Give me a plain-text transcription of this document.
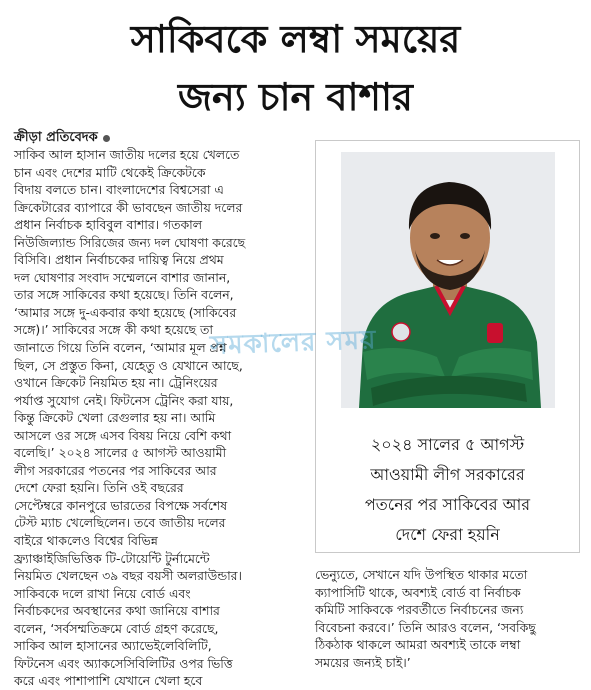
সাকিবকে লম্বা সময়ের
জন্য চান বাশার
ক্রীড়া প্রতিবেদক

সাকিব আল হাসান জাতীয় দলের হয়ে খেলতে

চান এবং দেশের মাটি থেকেই ক্রিকেটকে

বিদায় বলতে চান। বাংলাদেশের বিশ্বসেরা এ

ক্রিকেটারের ব্যাপারে কী ভাবছেন জাতীয় দলের

প্রধান নির্বাচক হাবিবুল বাশার। গতকাল

নিউজিল্যান্ড সিরিজের জন্য দল ঘোষণা করেছে

বিসিবি। প্রধান নির্বাচকের দায়িত্ব নিয়ে প্রথম

দল ঘোষণার সংবাদ সম্মেলনে বাশার জানান,

তার সঙ্গে সাকিবের কথা হয়েছে। তিনি বলেন,

‘আমার সঙ্গে দু-একবার কথা হয়েছে (সাকিবের

সঙ্গে)।’ সাকিবের সঙ্গে কী কথা হয়েছে তা

জানাতে গিয়ে তিনি বলেন, ‘আমার মূল প্রশ্ন

ছিল, সে প্রস্তুত কিনা, যেহেতু ও যেখানে আছে,

ওখানে ক্রিকেট নিয়মিত হয় না। ট্রেনিংয়ের

পর্যাপ্ত সুযোগ নেই। ফিটনেস ট্রেনিং করা যায়,

কিন্তু ক্রিকেট খেলা রেগুলার হয় না। আমি

আসলে ওর সঙ্গে এসব বিষয় নিয়ে বেশি কথা

বলেছি।’ ২০২৪ সালের ৫ আগস্ট আওয়ামী

লীগ সরকারের পতনের পর সাকিবের আর

দেশে ফেরা হয়নি। তিনি ওই বছরের

সেপ্টেম্বরে কানপুরে ভারতের বিপক্ষে সর্বশেষ

টেস্ট ম্যাচ খেলেছিলেন। তবে জাতীয় দলের

বাইরে থাকলেও বিশ্বের বিভিন্ন

ফ্র্যাঞ্চাইজিভিত্তিক টি-টোয়েন্টি টুর্নামেন্টে

নিয়মিত খেলছেন ৩৯ বছর বয়সী অলরাউন্ডার।

সাকিবকে দলে রাখা নিয়ে বোর্ড এবং

নির্বাচকদের অবস্থানের কথা জানিয়ে বাশার

বলেন, ‘সর্বসম্মতিক্রমে বোর্ড গ্রহণ করেছে,

সাকিব আল হাসানের অ্যাভেইলেবিলিটি,

ফিটনেস এবং অ্যাকসেসিবিলিটির ওপর ভিত্তি

করে এবং পাশাপাশি যেখানে খেলা হবে

সমকালের সময়

২০২৪ সালের ৫ আগস্ট

আওয়ামী লীগ সরকারের

পতনের পর সাকিবের আর

দেশে ফেরা হয়নি

ভেন্যুতে, সেখানে যদি উপস্থিত থাকার মতো

ক্যাপাসিটি থাকে, অবশ্যই বোর্ড বা নির্বাচক

কমিটি সাকিবকে পরবর্তীতে নির্বাচনের জন্য

বিবেচনা করবে।’ তিনি আরও বলেন, ‘সবকিছু

ঠিকঠাক থাকলে আমরা অবশ্যই তাকে লম্বা

সময়ের জন্যই চাই।’
